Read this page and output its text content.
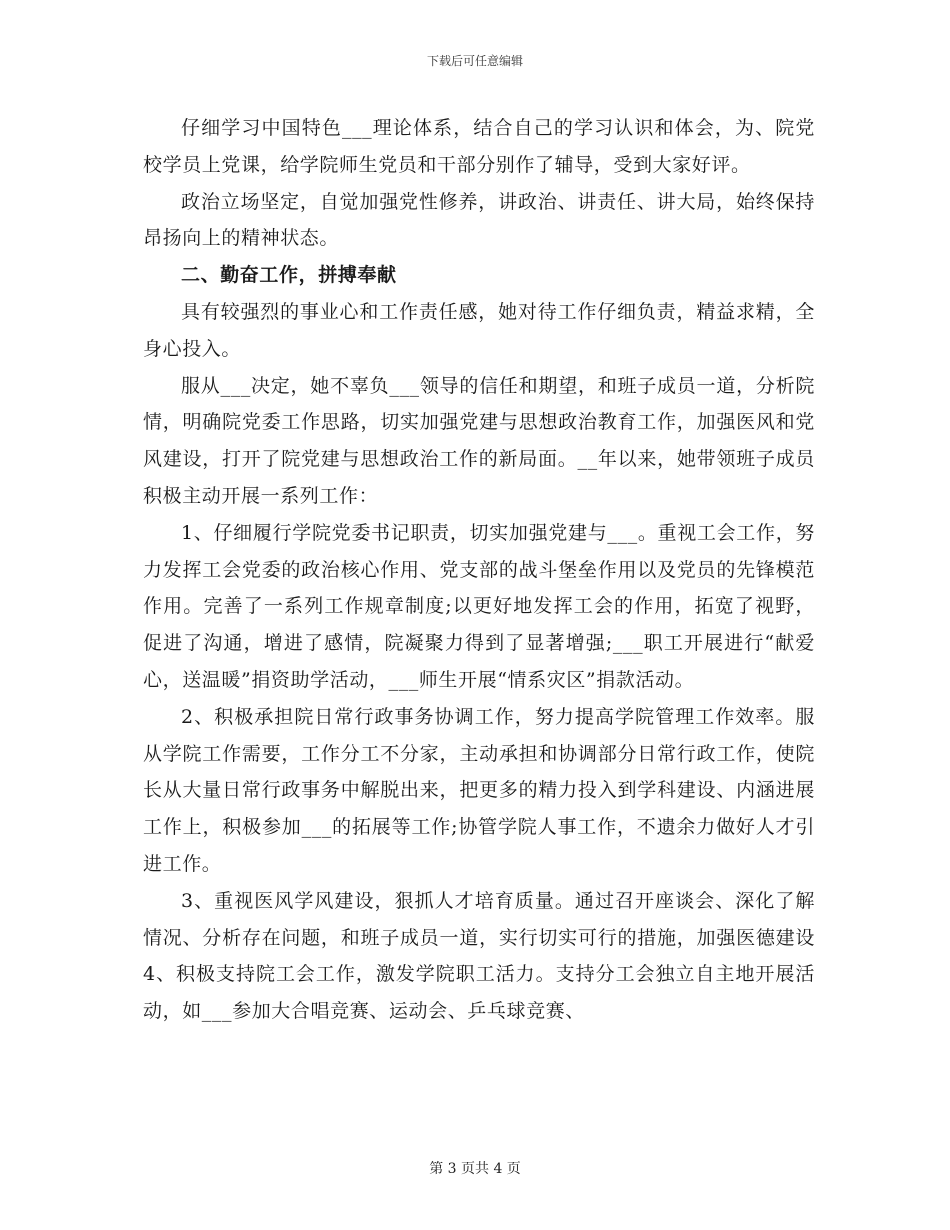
下载后可任意编辑

仔细学习中国特色___理论体系，结合自己的学习认识和体会，为、院党校学员上党课，给学院师生党员和干部分别作了辅导，受到大家好评。

政治立场坚定，自觉加强党性修养，讲政治、讲责任、讲大局，始终保持昂扬向上的精神状态。

二、勤奋工作，拼搏奉献

具有较强烈的事业心和工作责任感，她对待工作仔细负责，精益求精，全身心投入。

服从___决定，她不辜负___领导的信任和期望，和班子成员一道，分析院情，明确院党委工作思路，切实加强党建与思想政治教育工作，加强医风和党风建设，打开了院党建与思想政治工作的新局面。__年以来，她带领班子成员积极主动开展一系列工作：

1、仔细履行学院党委书记职责，切实加强党建与___。重视工会工作，努力发挥工会党委的政治核心作用、党支部的战斗堡垒作用以及党员的先锋模范作用。完善了一系列工作规章制度;以更好地发挥工会的作用，拓宽了视野，促进了沟通，增进了感情，院凝聚力得到了显著增强;___职工开展进行“献爱心，送温暖”捐资助学活动，___师生开展“情系灾区”捐款活动。

2、积极承担院日常行政事务协调工作，努力提高学院管理工作效率。服从学院工作需要，工作分工不分家，主动承担和协调部分日常行政工作，使院长从大量日常行政事务中解脱出来，把更多的精力投入到学科建设、内涵进展工作上，积极参加___的拓展等工作;协管学院人事工作，不遗余力做好人才引进工作。

3、重视医风学风建设，狠抓人才培育质量。通过召开座谈会、深化了解情况、分析存在问题，和班子成员一道，实行切实可行的措施，加强医德建设4、积极支持院工会工作，激发学院职工活力。支持分工会独立自主地开展活动，如___参加大合唱竞赛、运动会、乒乓球竞赛、

第 3 页共 4 页
